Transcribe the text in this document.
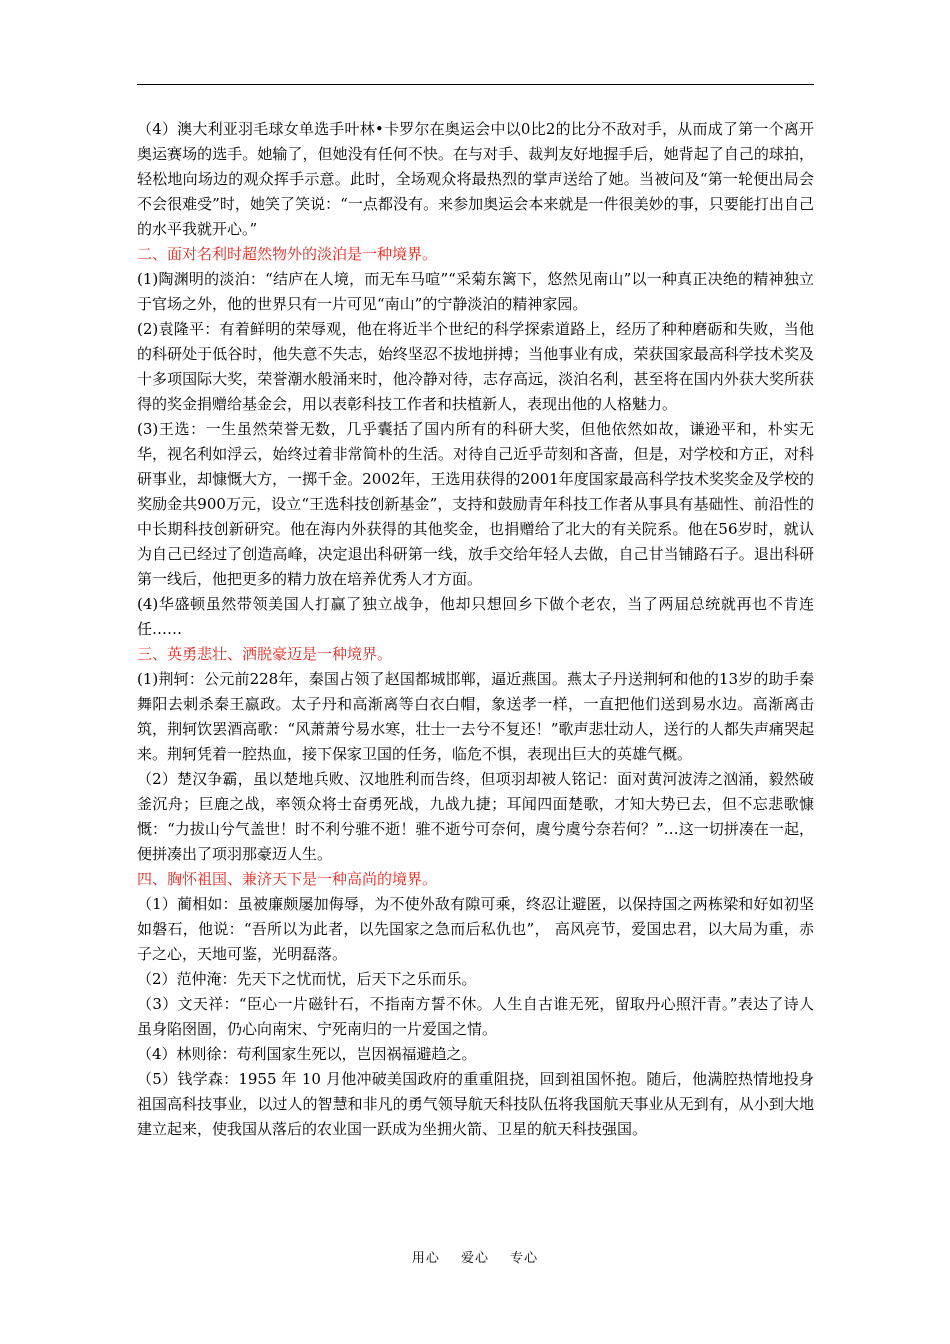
（4）澳大利亚羽毛球女单选手叶林•卡罗尔在奥运会中以0比2的比分不敌对手，从而成了第一个离开奥运赛场的选手。她输了，但她没有任何不快。在与对手、裁判友好地握手后，她背起了自己的球拍，轻松地向场边的观众挥手示意。此时，全场观众将最热烈的掌声送给了她。当被问及“第一轮便出局会不会很难受”时，她笑了笑说：“一点都没有。来参加奥运会本来就是一件很美妙的事，只要能打出自己的水平我就开心。”

二、面对名利时超然物外的淡泊是一种境界。

(1)陶渊明的淡泊：“结庐在人境，而无车马喧”“采菊东篱下，悠然见南山”以一种真正决绝的精神独立于官场之外，他的世界只有一片可见“南山”的宁静淡泊的精神家园。

(2)袁隆平：有着鲜明的荣辱观，他在将近半个世纪的科学探索道路上，经历了种种磨砺和失败，当他的科研处于低谷时，他失意不失志，始终坚忍不拔地拼搏；当他事业有成，荣获国家最高科学技术奖及十多项国际大奖，荣誉潮水般涌来时，他冷静对待，志存高远，淡泊名利，甚至将在国内外获大奖所获得的奖金捐赠给基金会，用以表彰科技工作者和扶植新人，表现出他的人格魅力。

(3)王选：一生虽然荣誉无数，几乎囊括了国内所有的科研大奖，但他依然如故，谦逊平和，朴实无华，视名利如浮云，始终过着非常简朴的生活。对待自己近乎苛刻和吝啬，但是，对学校和方正，对科研事业，却慷慨大方，一掷千金。2002年，王选用获得的2001年度国家最高科学技术奖奖金及学校的奖励金共900万元，设立“王选科技创新基金”，支持和鼓励青年科技工作者从事具有基础性、前沿性的中长期科技创新研究。他在海内外获得的其他奖金，也捐赠给了北大的有关院系。他在56岁时，就认为自己已经过了创造高峰，决定退出科研第一线，放手交给年轻人去做，自己甘当铺路石子。退出科研第一线后，他把更多的精力放在培养优秀人才方面。

(4)华盛顿虽然带领美国人打赢了独立战争，他却只想回乡下做个老农，当了两届总统就再也不肯连任……

三、英勇悲壮、洒脱豪迈是一种境界。

(1)荆轲：公元前228年，秦国占领了赵国都城邯郸，逼近燕国。燕太子丹送荆轲和他的13岁的助手秦舞阳去刺杀秦王嬴政。太子丹和高渐离等白衣白帽，象送孝一样，一直把他们送到易水边。高渐离击筑，荆轲饮罢酒高歌：“风萧萧兮易水寒，壮士一去兮不复还！”歌声悲壮动人，送行的人都失声痛哭起来。荆轲凭着一腔热血，接下保家卫国的任务，临危不惧，表现出巨大的英雄气概。

（2）楚汉争霸，虽以楚地兵败、汉地胜利而告终，但项羽却被人铭记：面对黄河波涛之汹涌，毅然破釜沉舟；巨鹿之战，率领众将士奋勇死战，九战九捷；耳闻四面楚歌，才知大势已去，但不忘悲歌慷慨：“力拔山兮气盖世！时不利兮骓不逝！骓不逝兮可奈何，虞兮虞兮奈若何？”…这一切拼凑在一起，便拼凑出了项羽那豪迈人生。

四、胸怀祖国、兼济天下是一种高尚的境界。

（1）蔺相如：虽被廉颇屡加侮辱，为不使外敌有隙可乘，终忍让避匿，以保持国之两栋梁和好如初坚如磐石，他说：“吾所以为此者，以先国家之急而后私仇也”， 高风亮节，爱国忠君，以大局为重，赤子之心，天地可鉴，光明磊落。

（2）范仲淹：先天下之忧而忧，后天下之乐而乐。

（3）文天祥：“臣心一片磁针石，不指南方誓不休。人生自古谁无死，留取丹心照汗青。”表达了诗人虽身陷囹圄，仍心向南宋、宁死南归的一片爱国之情。

（4）林则徐：苟利国家生死以，岂因祸福避趋之。

（5）钱学森：1955 年 10 月他冲破美国政府的重重阻挠，回到祖国怀抱。随后，他满腔热情地投身祖国高科技事业，以过人的智慧和非凡的勇气领导航天科技队伍将我国航天事业从无到有，从小到大地建立起来，使我国从落后的农业国一跃成为坐拥火箭、卫星的航天科技强国。

用心 爱心 专心
